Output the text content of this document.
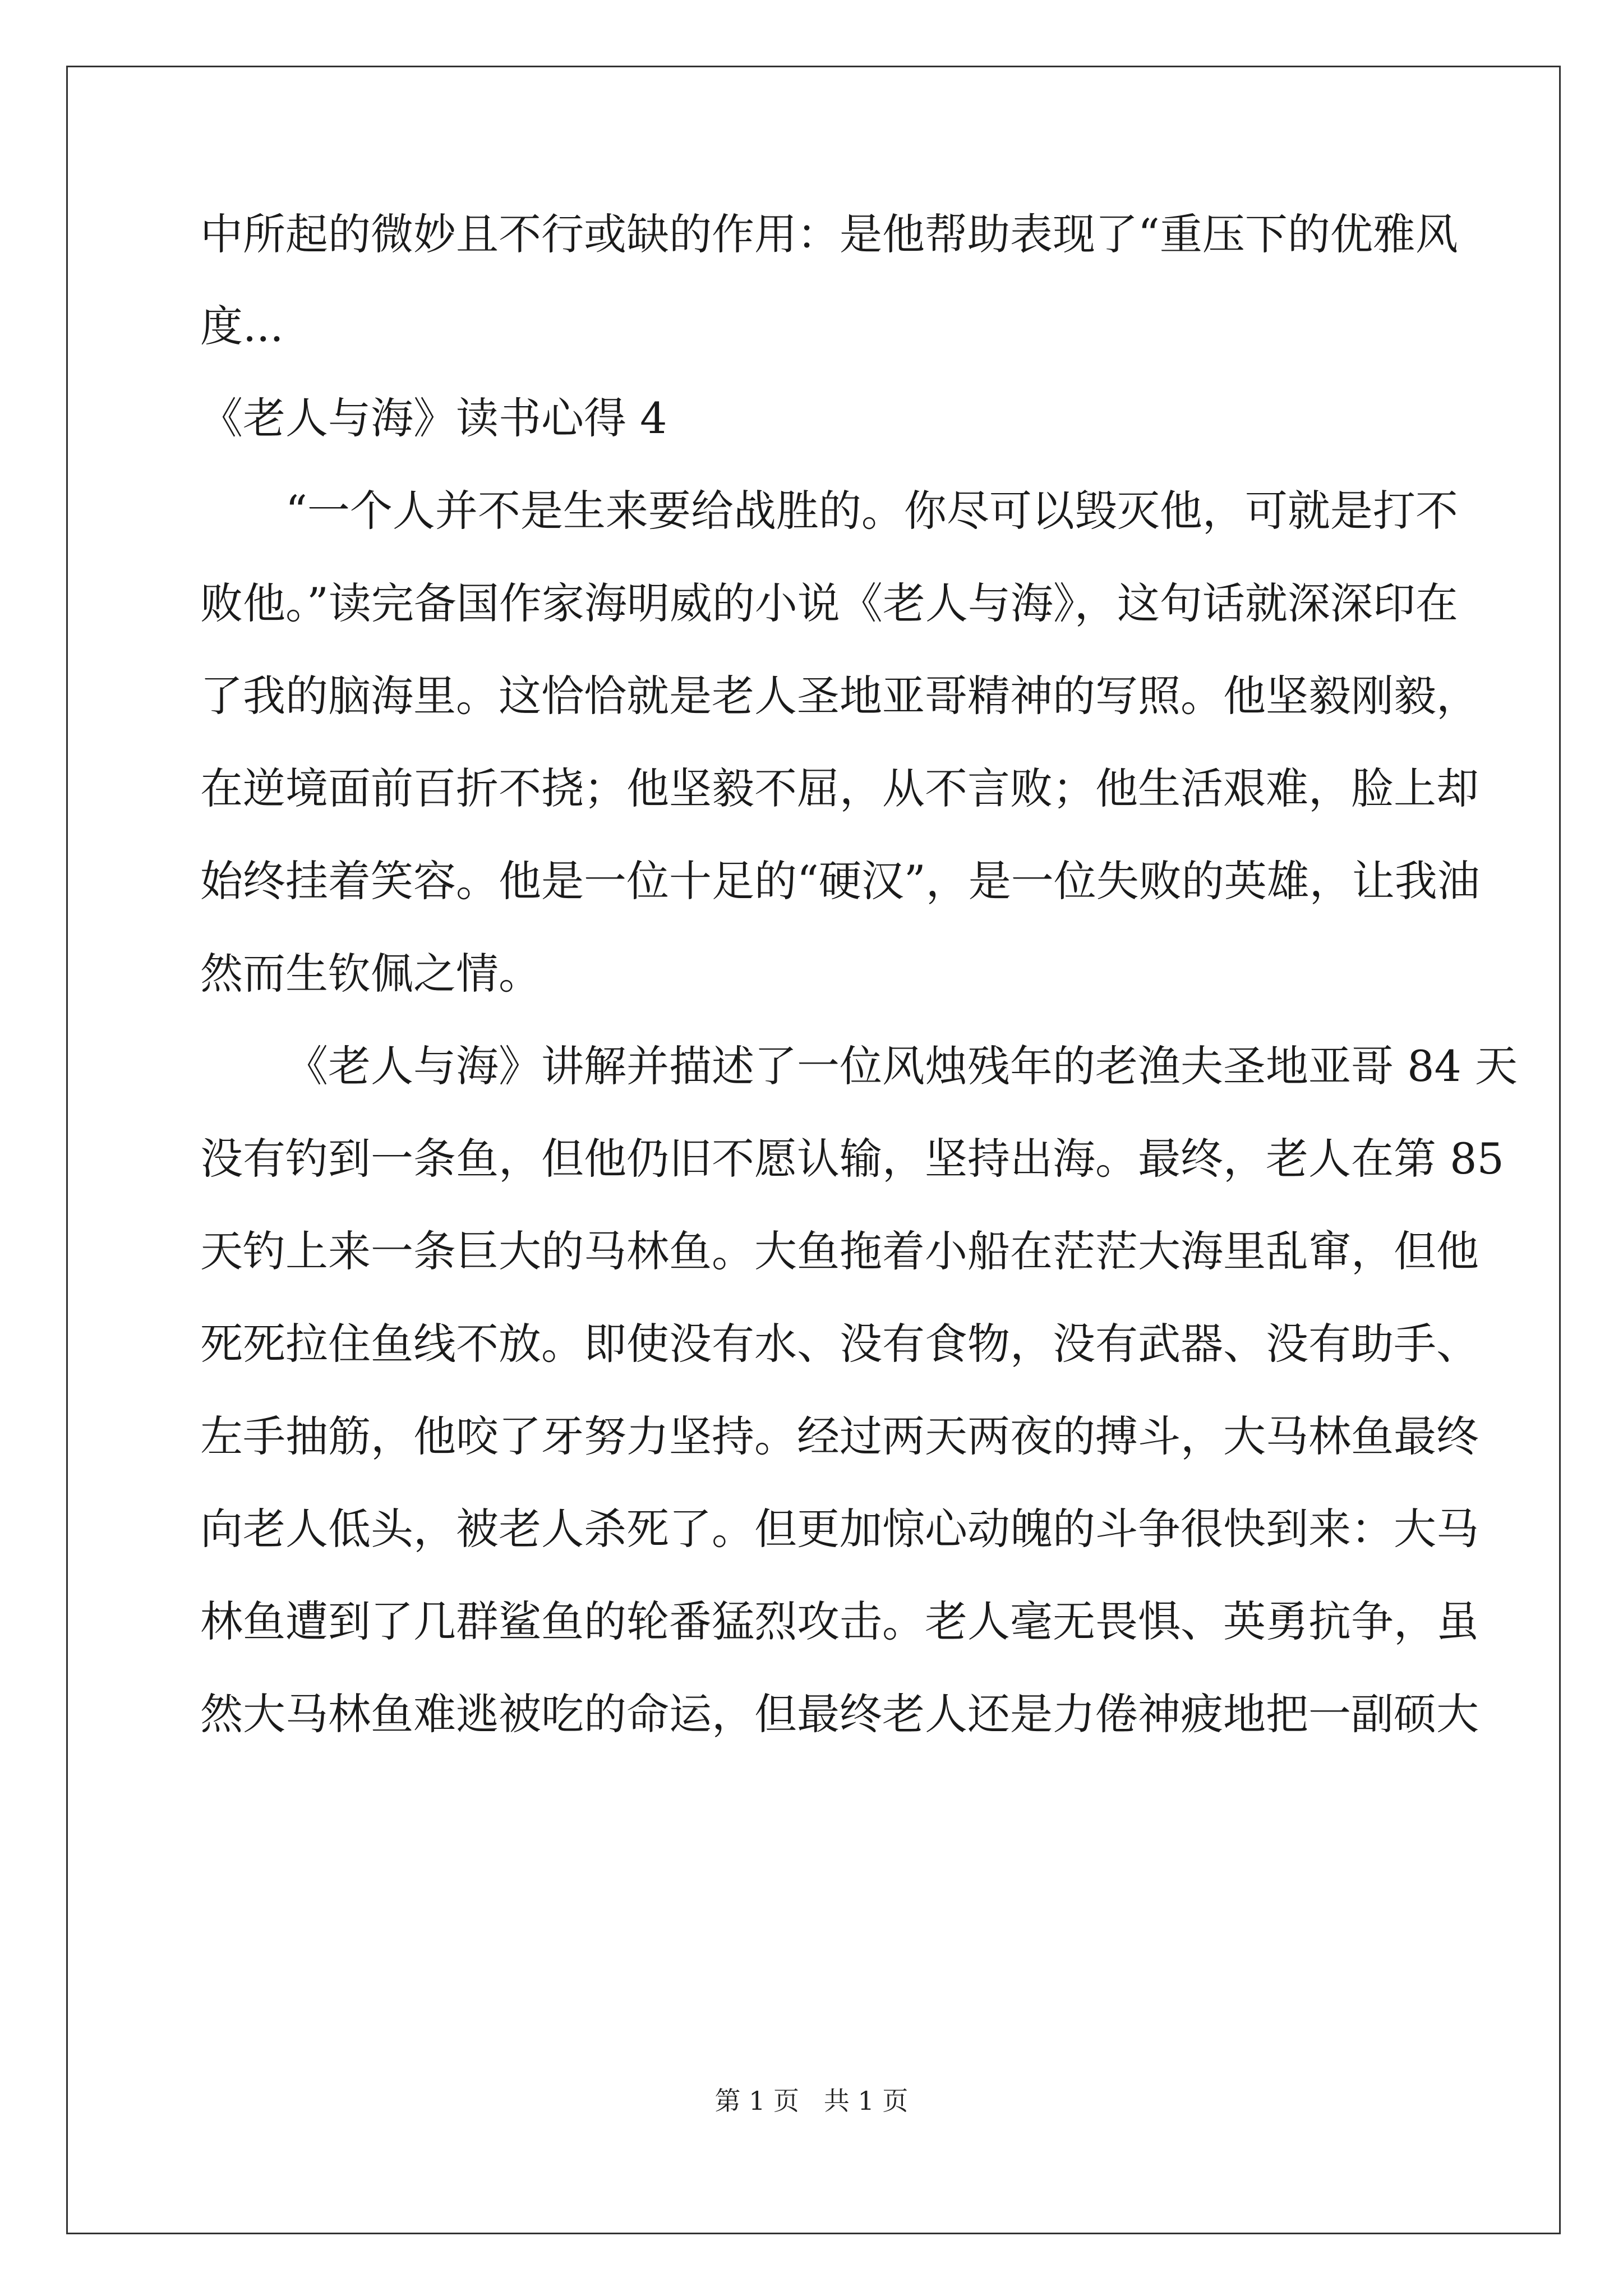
中所起的微妙且不行或缺的作用：是他帮助表现了“重压下的优雅风
度...
《老人与海》读书心得 4
“一个人并不是生来要给战胜的。你尽可以毁灭他，可就是打不
败他。”读完备国作家海明威的小说《老人与海》，这句话就深深印在
了我的脑海里。这恰恰就是老人圣地亚哥精神的写照。他坚毅刚毅，
在逆境面前百折不挠；他坚毅不屈，从不言败；他生活艰难，脸上却
始终挂着笑容。他是一位十足的“硬汉”，是一位失败的英雄，让我油
然而生钦佩之情。
《老人与海》讲解并描述了一位风烛残年的老渔夫圣地亚哥 84 天
没有钓到一条鱼，但他仍旧不愿认输，坚持出海。最终，老人在第 85
天钓上来一条巨大的马林鱼。大鱼拖着小船在茫茫大海里乱窜，但他
死死拉住鱼线不放。即使没有水、没有食物，没有武器、没有助手、
左手抽筋，他咬了牙努力坚持。经过两天两夜的搏斗，大马林鱼最终
向老人低头，被老人杀死了。但更加惊心动魄的斗争很快到来：大马
林鱼遭到了几群鲨鱼的轮番猛烈攻击。老人毫无畏惧、英勇抗争，虽
然大马林鱼难逃被吃的命运，但最终老人还是力倦神疲地把一副硕大
第 1 页   共 1 页
